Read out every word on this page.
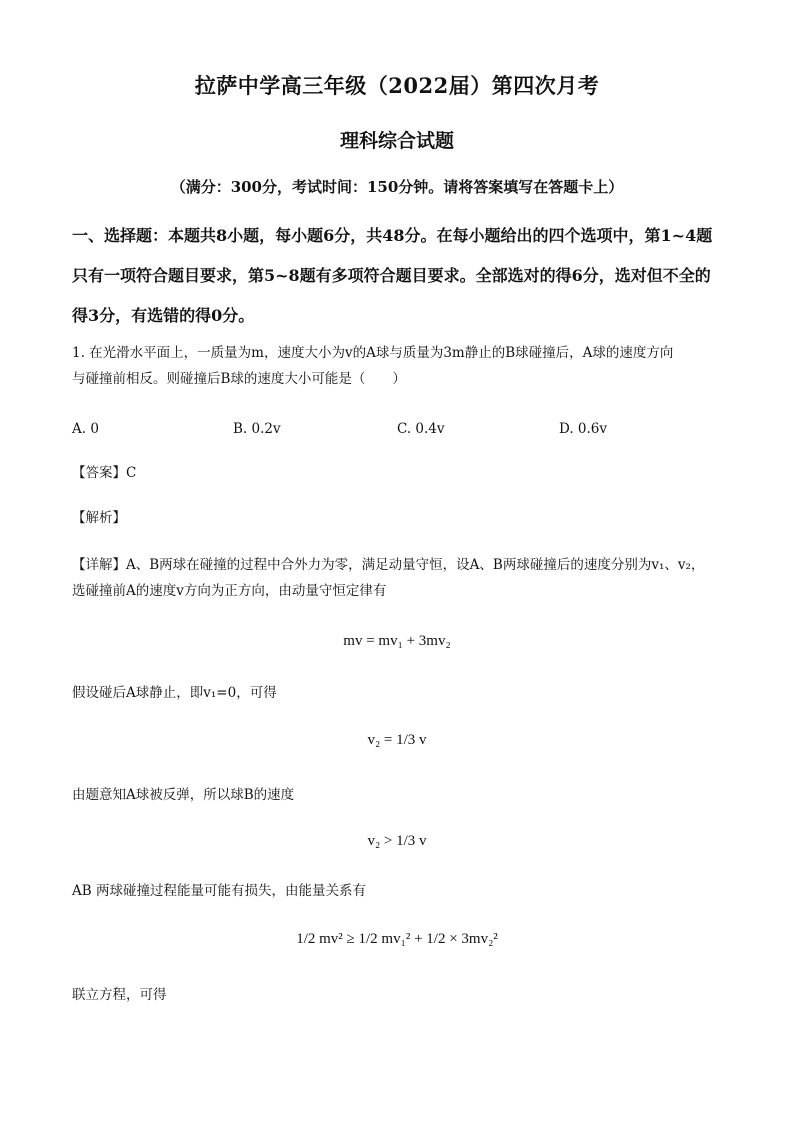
拉萨中学高三年级（2022届）第四次月考
理科综合试题
（满分：300分，考试时间：150分钟。请将答案填写在答题卡上）
一、选择题：本题共8小题，每小题6分，共48分。在每小题给出的四个选项中，第1~4题
只有一项符合题目要求，第5~8题有多项符合题目要求。全部选对的得6分，选对但不全的
得3分，有选错的得0分。
1. 在光滑水平面上，一质量为m，速度大小为v的A球与质量为3m静止的B球碰撞后，A球的速度方向
与碰撞前相反。则碰撞后B球的速度大小可能是（　　）
A. 0	B. 0.2v	C. 0.4v	D. 0.6v
【答案】C
【解析】
【详解】A、B两球在碰撞的过程中合外力为零，满足动量守恒，设A、B两球碰撞后的速度分别为v₁、v₂，
选碰撞前A的速度v方向为正方向，由动量守恒定律有
mv = mv₁ + 3mv₂
假设碰后A球静止，即v₁=0，可得
v₂ = 1/3 v
由题意知A球被反弹，所以球B的速度
v₂ > 1/3 v
AB 两球碰撞过程能量可能有损失，由能量关系有
1/2 mv² ≥ 1/2 mv₁² + 1/2 × 3mv₂²
联立方程，可得
